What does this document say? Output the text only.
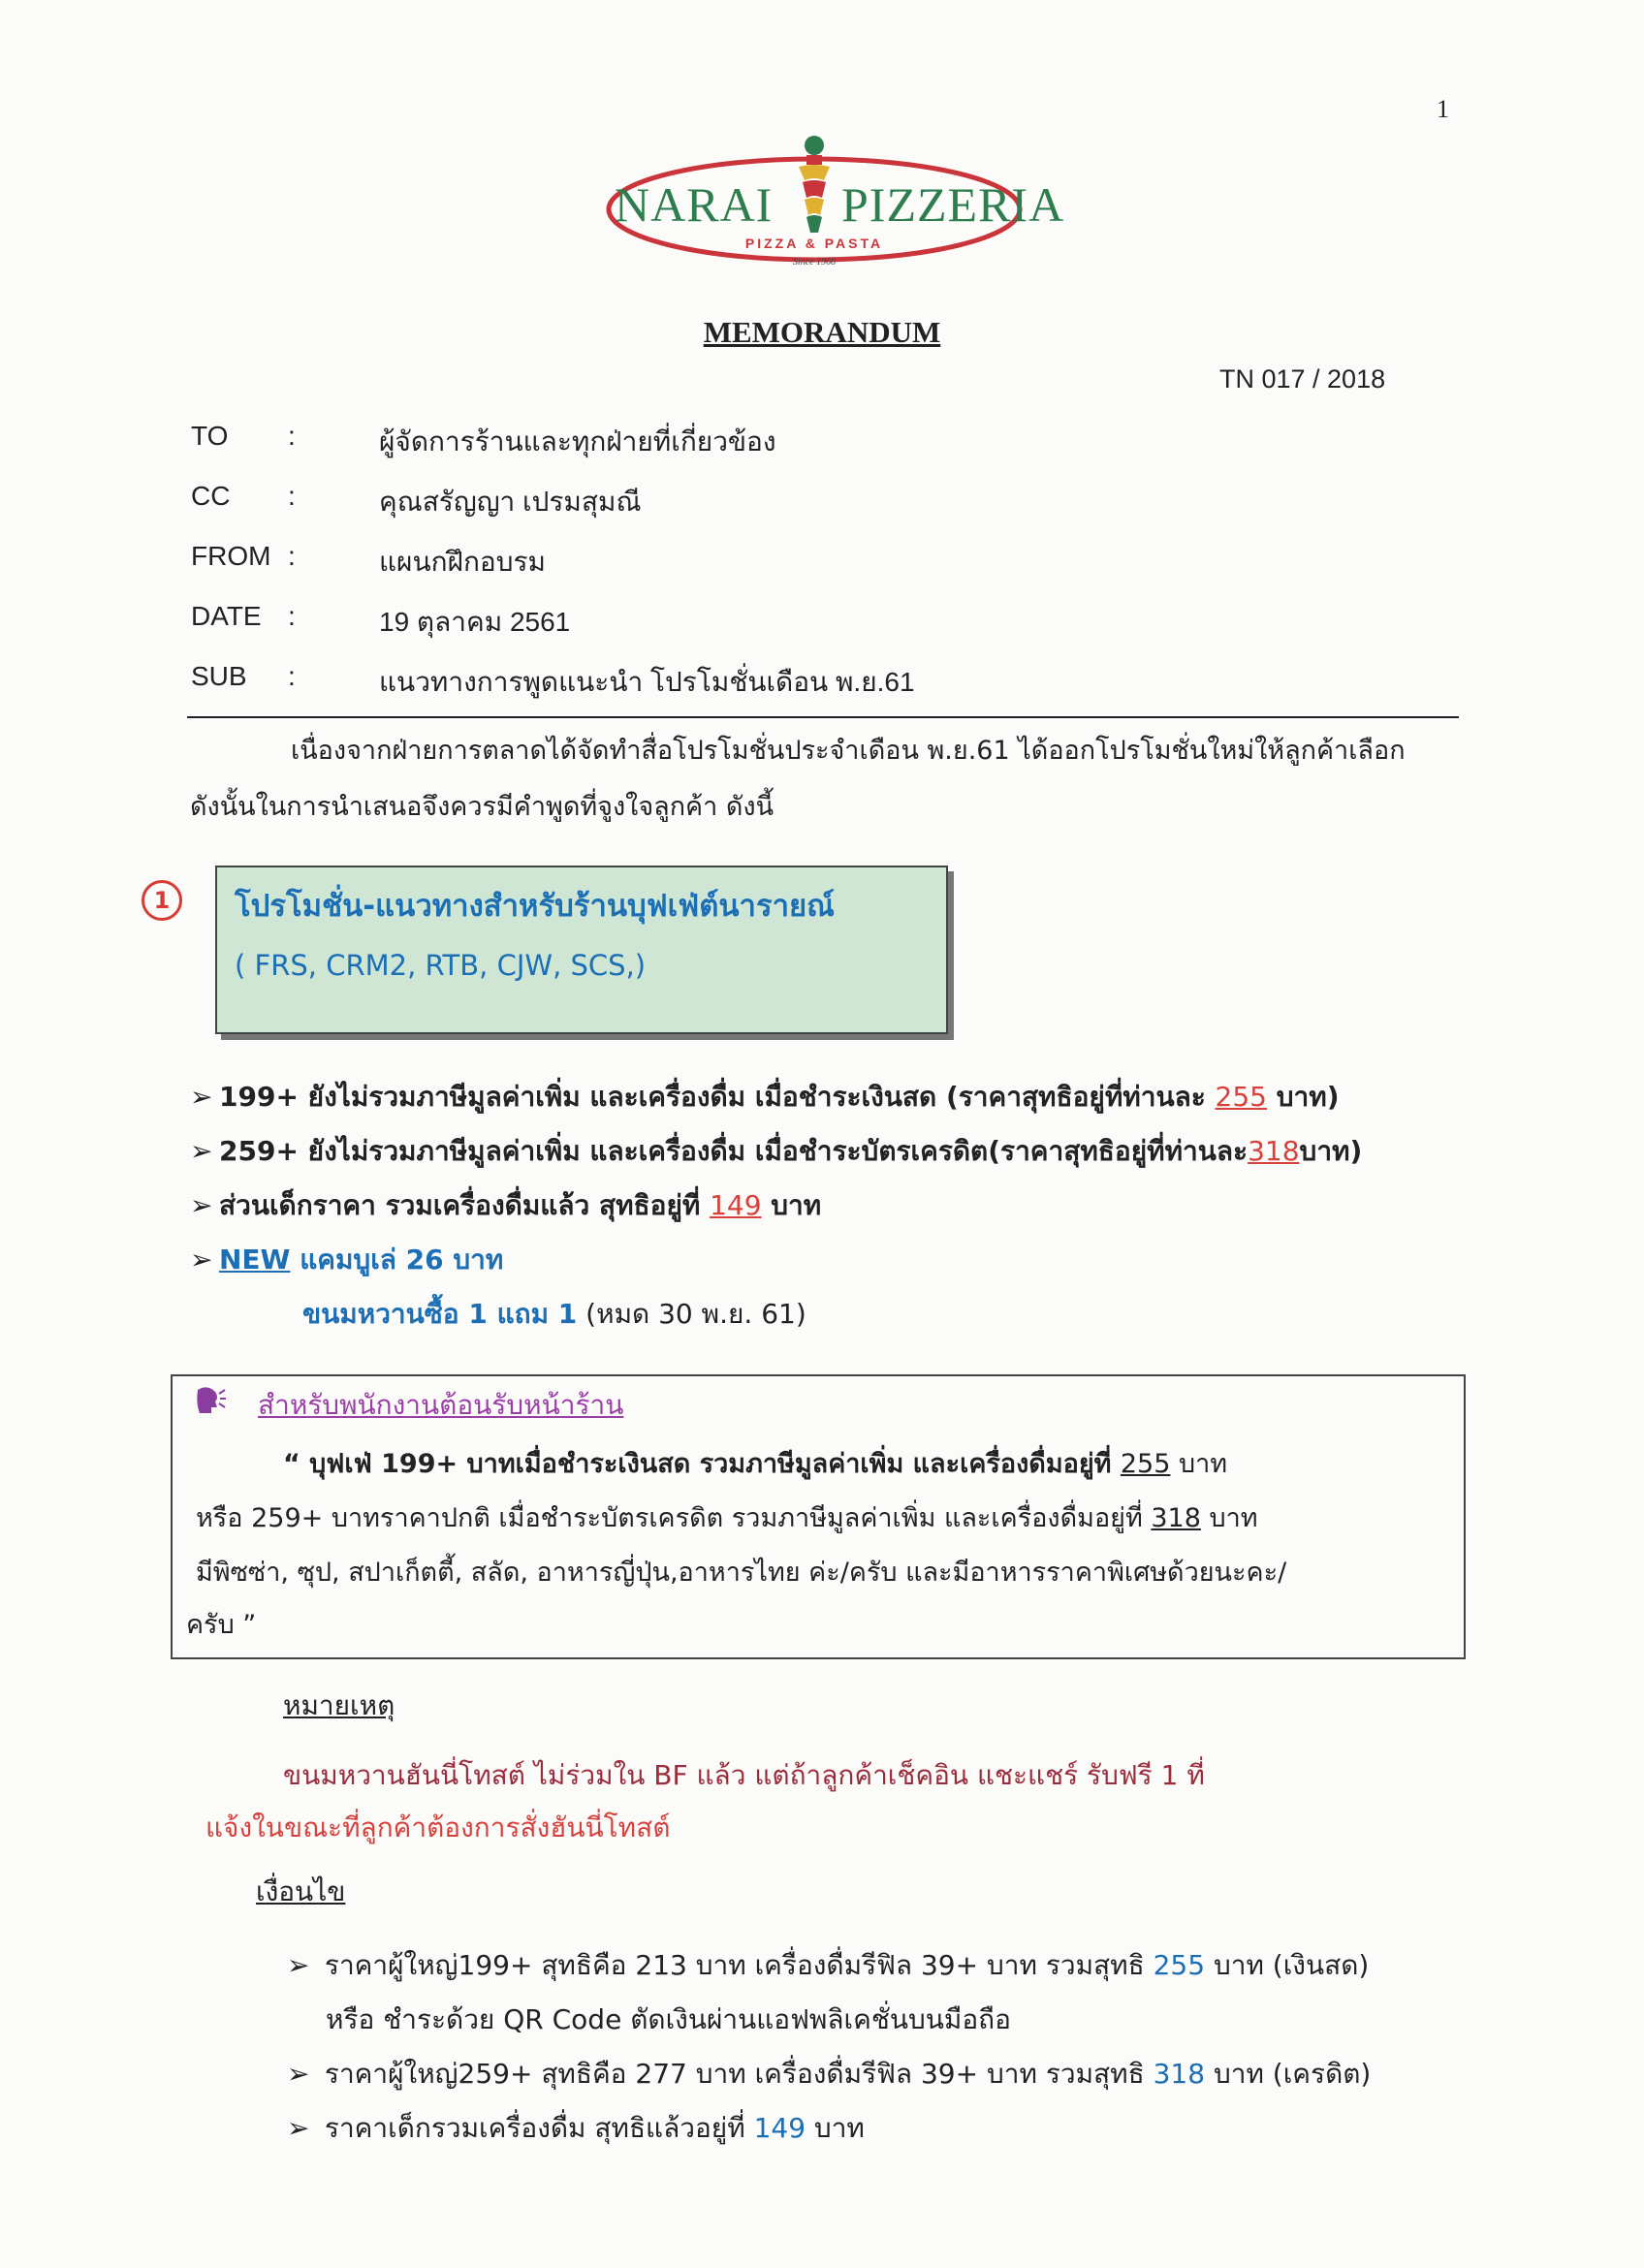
1
NARAI PIZZERIA
PIZZA & PASTA
Since 1968
MEMORANDUM
TN 017 / 2018
TO :	ผู้จัดการร้านและทุกฝ่ายที่เกี่ยวข้อง
CC :	คุณสรัญญา เปรมสุมณี
FROM :	แผนกฝึกอบรม
DATE :	19 ตุลาคม 2561
SUB :	แนวทางการพูดแนะนำ โปรโมชั่นเดือน พ.ย.61
เนื่องจากฝ่ายการตลาดได้จัดทำสื่อโปรโมชั่นประจำเดือน พ.ย.61 ได้ออกโปรโมชั่นใหม่ให้ลูกค้าเลือก
ดังนั้นในการนำเสนอจึงควรมีคำพูดที่จูงใจลูกค้า ดังนี้
1	โปรโมชั่น-แนวทางสำหรับร้านบุฟเฟ่ต์นารายณ์
( FRS, CRM2, RTB, CJW, SCS,)
➢ 199+ ยังไม่รวมภาษีมูลค่าเพิ่ม และเครื่องดื่ม เมื่อชำระเงินสด (ราคาสุทธิอยู่ที่ท่านละ 255 บาท)
➢ 259+ ยังไม่รวมภาษีมูลค่าเพิ่ม และเครื่องดื่ม เมื่อชำระบัตรเครดิต(ราคาสุทธิอยู่ที่ท่านละ318บาท)
➢ ส่วนเด็กราคา รวมเครื่องดื่มแล้ว สุทธิอยู่ที่ 149 บาท
➢ NEW แคมบูเล่ 26 บาท
ขนมหวานซื้อ 1 แถม 1 (หมด 30 พ.ย. 61)
สำหรับพนักงานต้อนรับหน้าร้าน
“ บุฟเฟ่ 199+ บาทเมื่อชำระเงินสด รวมภาษีมูลค่าเพิ่ม และเครื่องดื่มอยู่ที่ 255 บาท
หรือ 259+ บาทราคาปกติ เมื่อชำระบัตรเครดิต รวมภาษีมูลค่าเพิ่ม และเครื่องดื่มอยู่ที่ 318 บาท
มีพิซซ่า, ซุป, สปาเก็ตตี้, สลัด, อาหารญี่ปุ่น,อาหารไทย ค่ะ/ครับ และมีอาหารราคาพิเศษด้วยนะคะ/
ครับ ”
หมายเหตุ
ขนมหวานฮันนี่โทสต์ ไม่ร่วมใน BF แล้ว แต่ถ้าลูกค้าเช็คอิน แชะแชร์ รับฟรี 1 ที่
แจ้งในขณะที่ลูกค้าต้องการสั่งฮันนี่โทสต์
เงื่อนไข
➢ ราคาผู้ใหญ่199+ สุทธิคือ 213 บาท เครื่องดื่มรีฟิล 39+ บาท รวมสุทธิ 255 บาท (เงินสด)
หรือ ชำระด้วย QR Code ตัดเงินผ่านแอฟพลิเคชั่นบนมือถือ
➢ ราคาผู้ใหญ่259+ สุทธิคือ 277 บาท เครื่องดื่มรีฟิล 39+ บาท รวมสุทธิ 318 บาท (เครดิต)
➢ ราคาเด็กรวมเครื่องดื่ม สุทธิแล้วอยู่ที่ 149 บาท
